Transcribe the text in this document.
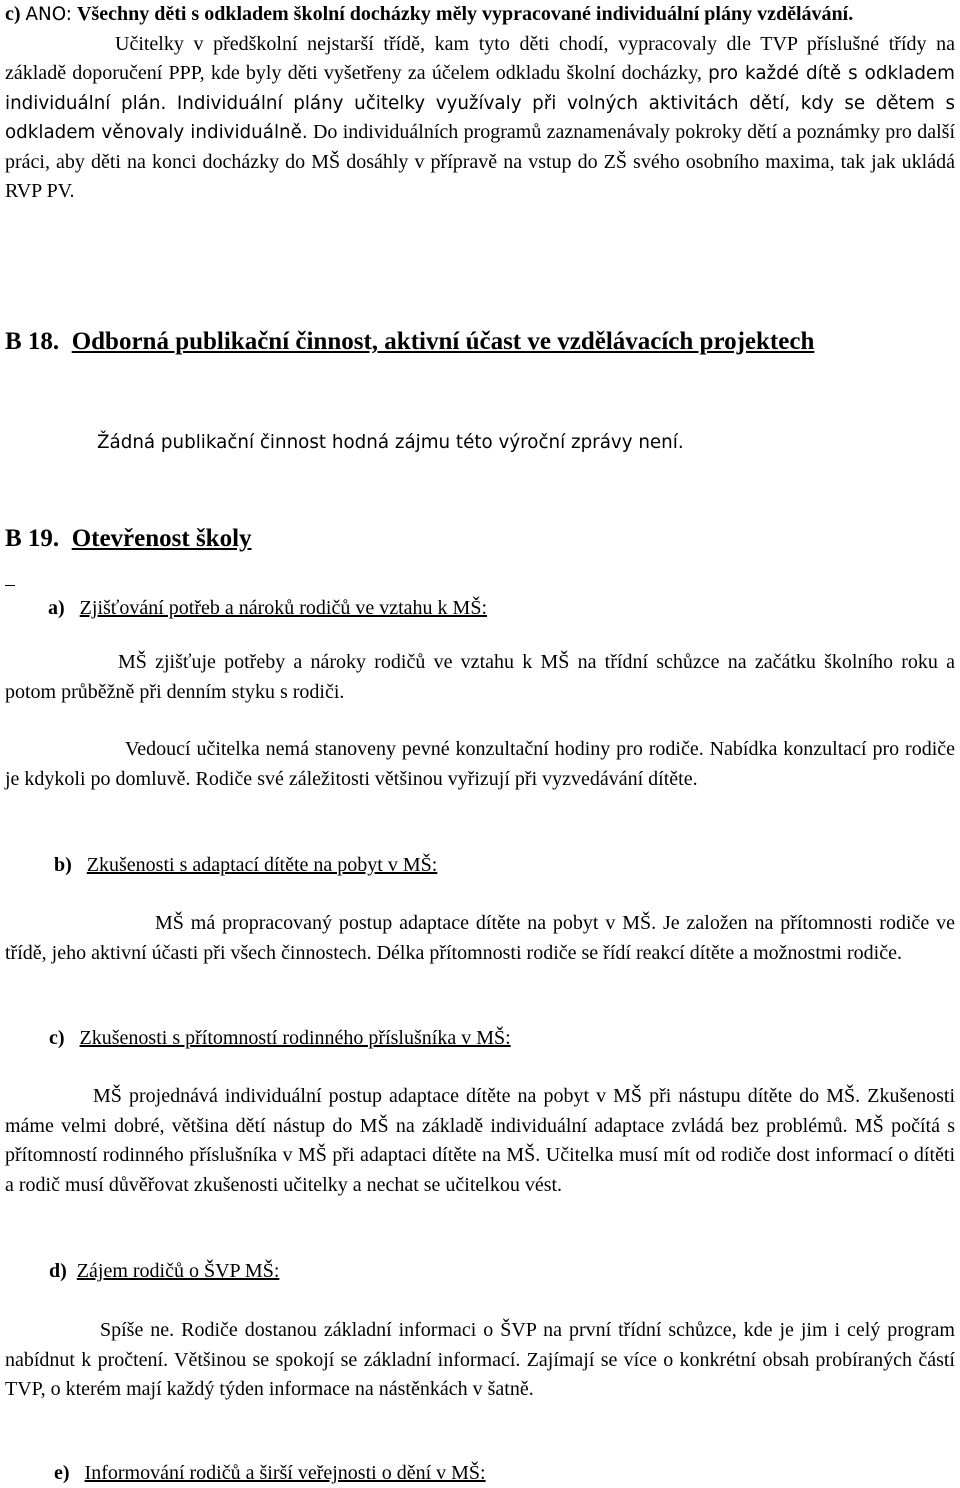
c) ANO: Všechny děti s odkladem školní docházky měly vypracované individuální plány vzdělávání.
Učitelky v předškolní nejstarší třídě, kam tyto děti chodí, vypracovaly dle TVP příslušné třídy na základě doporučení PPP, kde byly děti vyšetřeny za účelem odkladu školní docházky, pro každé dítě s odkladem individuální plán. Individuální plány učitelky využívaly při volných aktivitách dětí, kdy se dětem s odkladem věnovaly individuálně. Do individuálních programů zaznamenávaly pokroky dětí a poznámky pro další práci, aby děti na konci docházky do MŠ dosáhly v přípravě na vstup do ZŠ svého osobního maxima, tak jak ukládá RVP PV.
B 18. Odborná publikační činnost, aktivní účast ve vzdělávacích projektech
Žádná publikační činnost hodná zájmu této výroční zprávy není.
B 19. Otevřenost školy
a) Zjišťování potřeb a nároků rodičů ve vztahu k MŠ:
MŠ zjišťuje potřeby a nároky rodičů ve vztahu k MŠ na třídní schůzce na začátku školního roku a potom průběžně při denním styku s rodiči.
Vedoucí učitelka nemá stanoveny pevné konzultační hodiny pro rodiče. Nabídka konzultací pro rodiče je kdykoli po domluvě. Rodiče své záležitosti většinou vyřizují při vyzvedávání dítěte.
b) Zkušenosti s adaptací dítěte na pobyt v MŠ:
MŠ má propracovaný postup adaptace dítěte na pobyt v MŠ. Je založen na přítomnosti rodiče ve třídě, jeho aktivní účasti při všech činnostech. Délka přítomnosti rodiče se řídí reakcí dítěte a možnostmi rodiče.
c) Zkušenosti s přítomností rodinného příslušníka v MŠ:
MŠ projednává individuální postup adaptace dítěte na pobyt v MŠ při nástupu dítěte do MŠ. Zkušenosti máme velmi dobré, většina dětí nástup do MŠ na základě individuální adaptace zvládá bez problémů. MŠ počítá s přítomností rodinného příslušníka v MŠ při adaptaci dítěte na MŠ. Učitelka musí mít od rodiče dost informací o dítěti a rodič musí důvěřovat zkušenosti učitelky a nechat se učitelkou vést.
d) Zájem rodičů o ŠVP MŠ:
Spíše ne. Rodiče dostanou základní informaci o ŠVP na první třídní schůzce, kde je jim i celý program nabídnut k pročtení. Většinou se spokojí se základní informací. Zajímají se více o konkrétní obsah probíraných částí TVP, o kterém mají každý týden informace na nástěnkách v šatně.
e) Informování rodičů a širší veřejnosti o dění v MŠ:
